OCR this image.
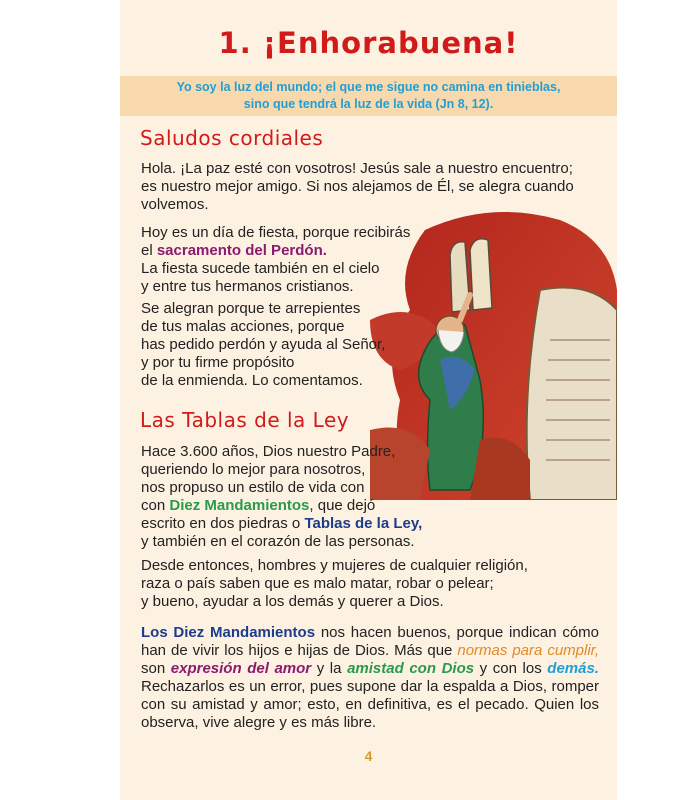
1. ¡Enhorabuena!
Yo soy la luz del mundo; el que me sigue no camina en tinieblas,
sino que tendrá la luz de la vida (Jn 8, 12).
Saludos cordiales

Hola. ¡La paz esté con vosotros! Jesús sale a nuestro encuentro;

es nuestro mejor amigo. Si nos alejamos de Él, se alegra cuando

volvemos.

Hoy es un día de fiesta, porque recibirás

el sacramento del Perdón.

La fiesta sucede también en el cielo

y entre tus hermanos cristianos.

Se alegran porque te arrepientes

de tus malas acciones, porque

has pedido perdón y ayuda al Señor,

y por tu firme propósito

de la enmienda. Lo comentamos.

Las Tablas de la Ley

Hace 3.600 años, Dios nuestro Padre,

queriendo lo mejor para nosotros,

nos propuso un estilo de vida con

con Diez Mandamientos, que dejó

escrito en dos piedras o Tablas de la Ley,

y también en el corazón de las personas.

Desde entonces, hombres y mujeres de cualquier religión,

raza o país saben que es malo matar, robar o pelear;

y bueno, ayudar a los demás y querer a Dios.

Los Diez Mandamientos nos hacen buenos, porque indican cómo han de vivir los hijos e hijas de Dios. Más que normas para cumplir, son expresión del amor y la amistad con Dios y con los demás. Rechazarlos es un error, pues supone dar la espalda a Dios, romper con su amistad y amor; esto, en definitiva, es el pecado. Quien los observa, vive alegre y es más libre.

4
